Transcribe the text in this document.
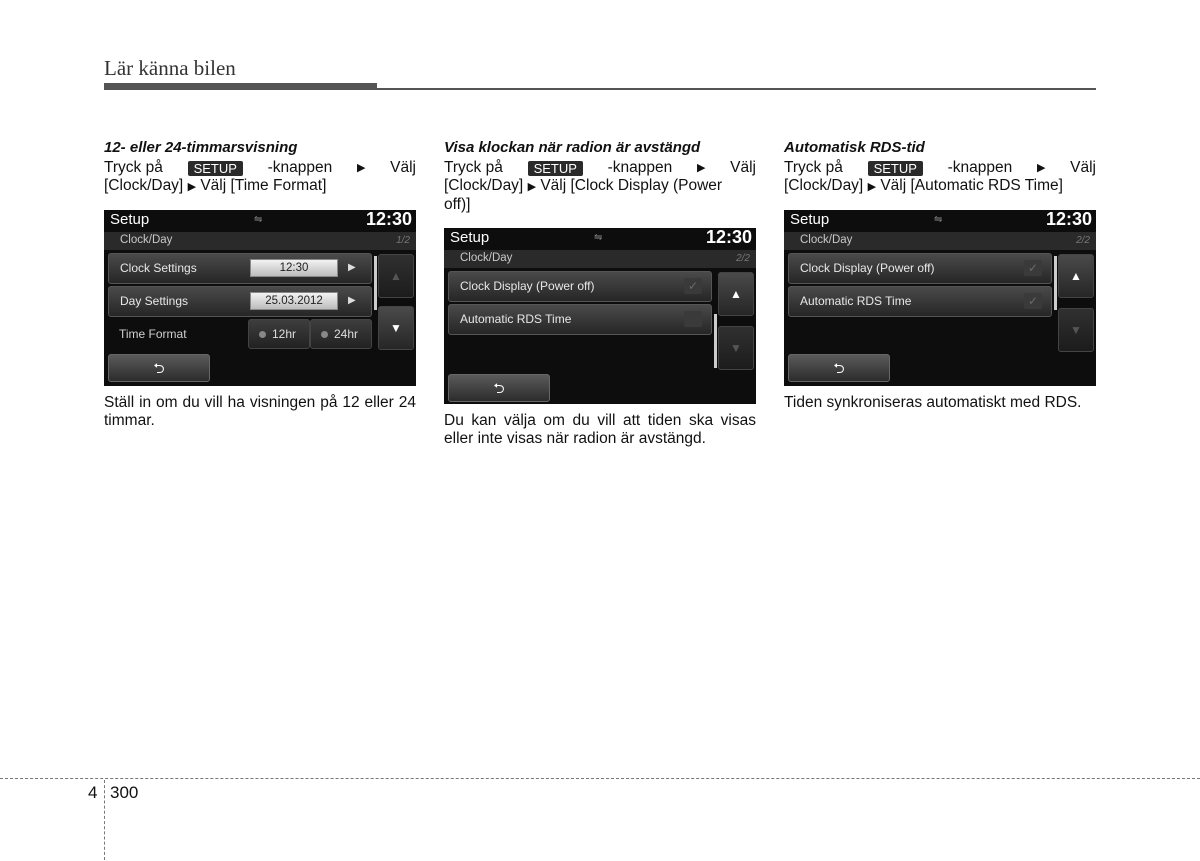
Lär känna bilen
12- eller 24-timmarsvisning
Tryck på	SETUP	-knappen ▶ Välj
[Clock/Day] ▶ Välj [Time Format]
Setup	⇋	12:30
Clock/Day	1/2
Clock Settings	12:30	▶
Day Settings	25.03.2012	▶
Time Format	12hr	24hr
▲
▼
⮌
Ställ in om du vill ha visningen på 12 eller 24 timmar.
Visa klockan när radion är avstängd
Tryck på	SETUP	-knappen ▶ Välj
[Clock/Day] ▶ Välj [Clock Display (Power
off)]
Setup	⇋	12:30
Clock/Day	2/2
Clock Display (Power off)	✓
Automatic RDS Time
▲
▼
⮌
Du kan välja om du vill att tiden ska visas eller inte visas när radion är avstängd.
Automatisk RDS-tid
Tryck på	SETUP	-knappen ▶ Välj
[Clock/Day] ▶ Välj [Automatic RDS Time]
Setup	⇋	12:30
Clock/Day	2/2
Clock Display (Power off)	✓
Automatic RDS Time	✓
▲
▼
⮌
Tiden synkroniseras automatiskt med RDS.
4 300
